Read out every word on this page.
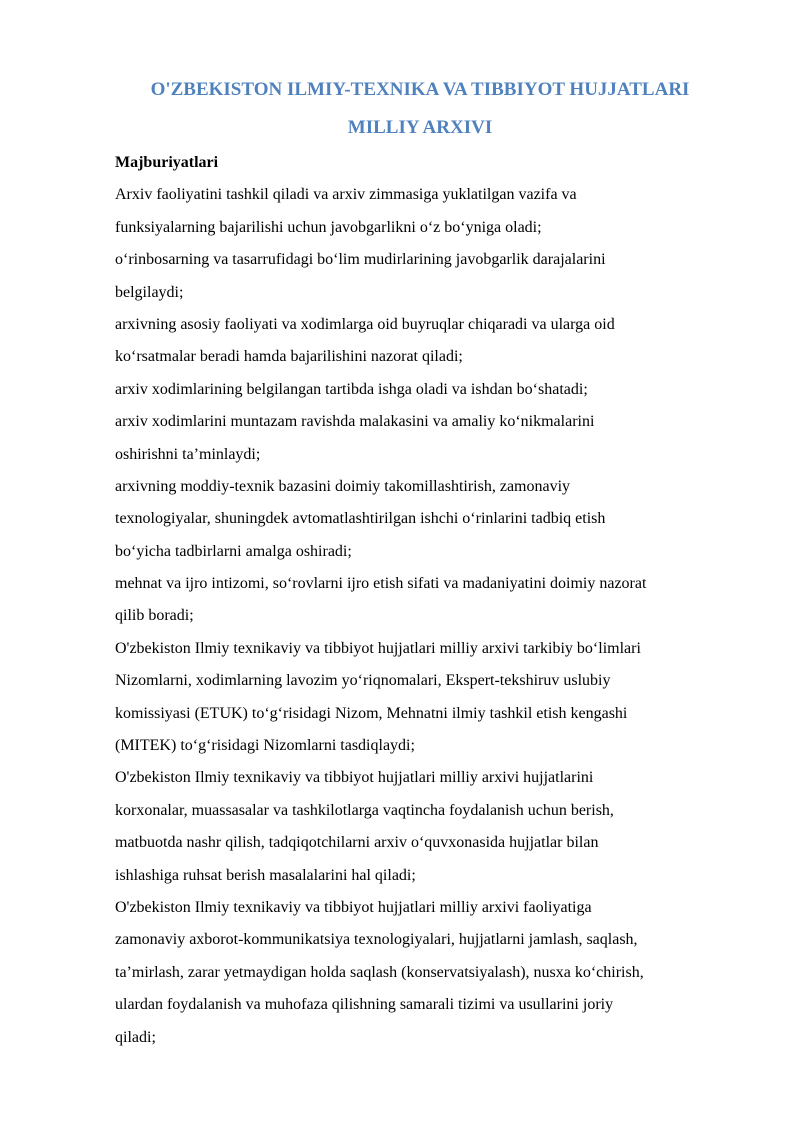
O'ZBEKISTON ILMIY-TEXNIKA VA TIBBIYOT HUJJATLARI
MILLIY ARXIVI
Majburiyatlari
Arxiv faoliyatini tashkil qiladi va arxiv zimmasiga yuklatilgan vazifa va
funksiyalarning bajarilishi uchun javobgarlikni o‘z bo‘yniga oladi;
o‘rinbosarning va tasarrufidagi bo‘lim mudirlarining javobgarlik darajalarini
belgilaydi;
arxivning asosiy faoliyati va xodimlarga oid buyruqlar chiqaradi va ularga oid
ko‘rsatmalar beradi hamda bajarilishini nazorat qiladi;
arxiv xodimlarining belgilangan tartibda ishga oladi va ishdan bo‘shatadi;
arxiv xodimlarini muntazam ravishda malakasini va amaliy ko‘nikmalarini
oshirishni ta’minlaydi;
arxivning moddiy-texnik bazasini doimiy takomillashtirish, zamonaviy
texnologiyalar, shuningdek avtomatlashtirilgan ishchi o‘rinlarini tadbiq etish
bo‘yicha tadbirlarni amalga oshiradi;
mehnat va ijro intizomi, so‘rovlarni ijro etish sifati va madaniyatini doimiy nazorat
qilib boradi;
O'zbekiston Ilmiy texnikaviy va tibbiyot hujjatlari milliy arxivi tarkibiy bo‘limlari
Nizomlarni, xodimlarning lavozim yo‘riqnomalari, Ekspert-tekshiruv uslubiy
komissiyasi (ETUK) to‘g‘risidagi Nizom, Mehnatni ilmiy tashkil etish kengashi
(MITEK) to‘g‘risidagi Nizomlarni tasdiqlaydi;
O'zbekiston Ilmiy texnikaviy va tibbiyot hujjatlari milliy arxivi hujjatlarini
korxonalar, muassasalar va tashkilotlarga vaqtincha foydalanish uchun berish,
matbuotda nashr qilish, tadqiqotchilarni arxiv o‘quvxonasida hujjatlar bilan
ishlashiga ruhsat berish masalalarini hal qiladi;
O'zbekiston Ilmiy texnikaviy va tibbiyot hujjatlari milliy arxivi faoliyatiga
zamonaviy axborot-kommunikatsiya texnologiyalari, hujjatlarni jamlash, saqlash,
ta’mirlash, zarar yetmaydigan holda saqlash (konservatsiyalash), nusxa ko‘chirish,
ulardan foydalanish va muhofaza qilishning samarali tizimi va usullarini joriy
qiladi;
